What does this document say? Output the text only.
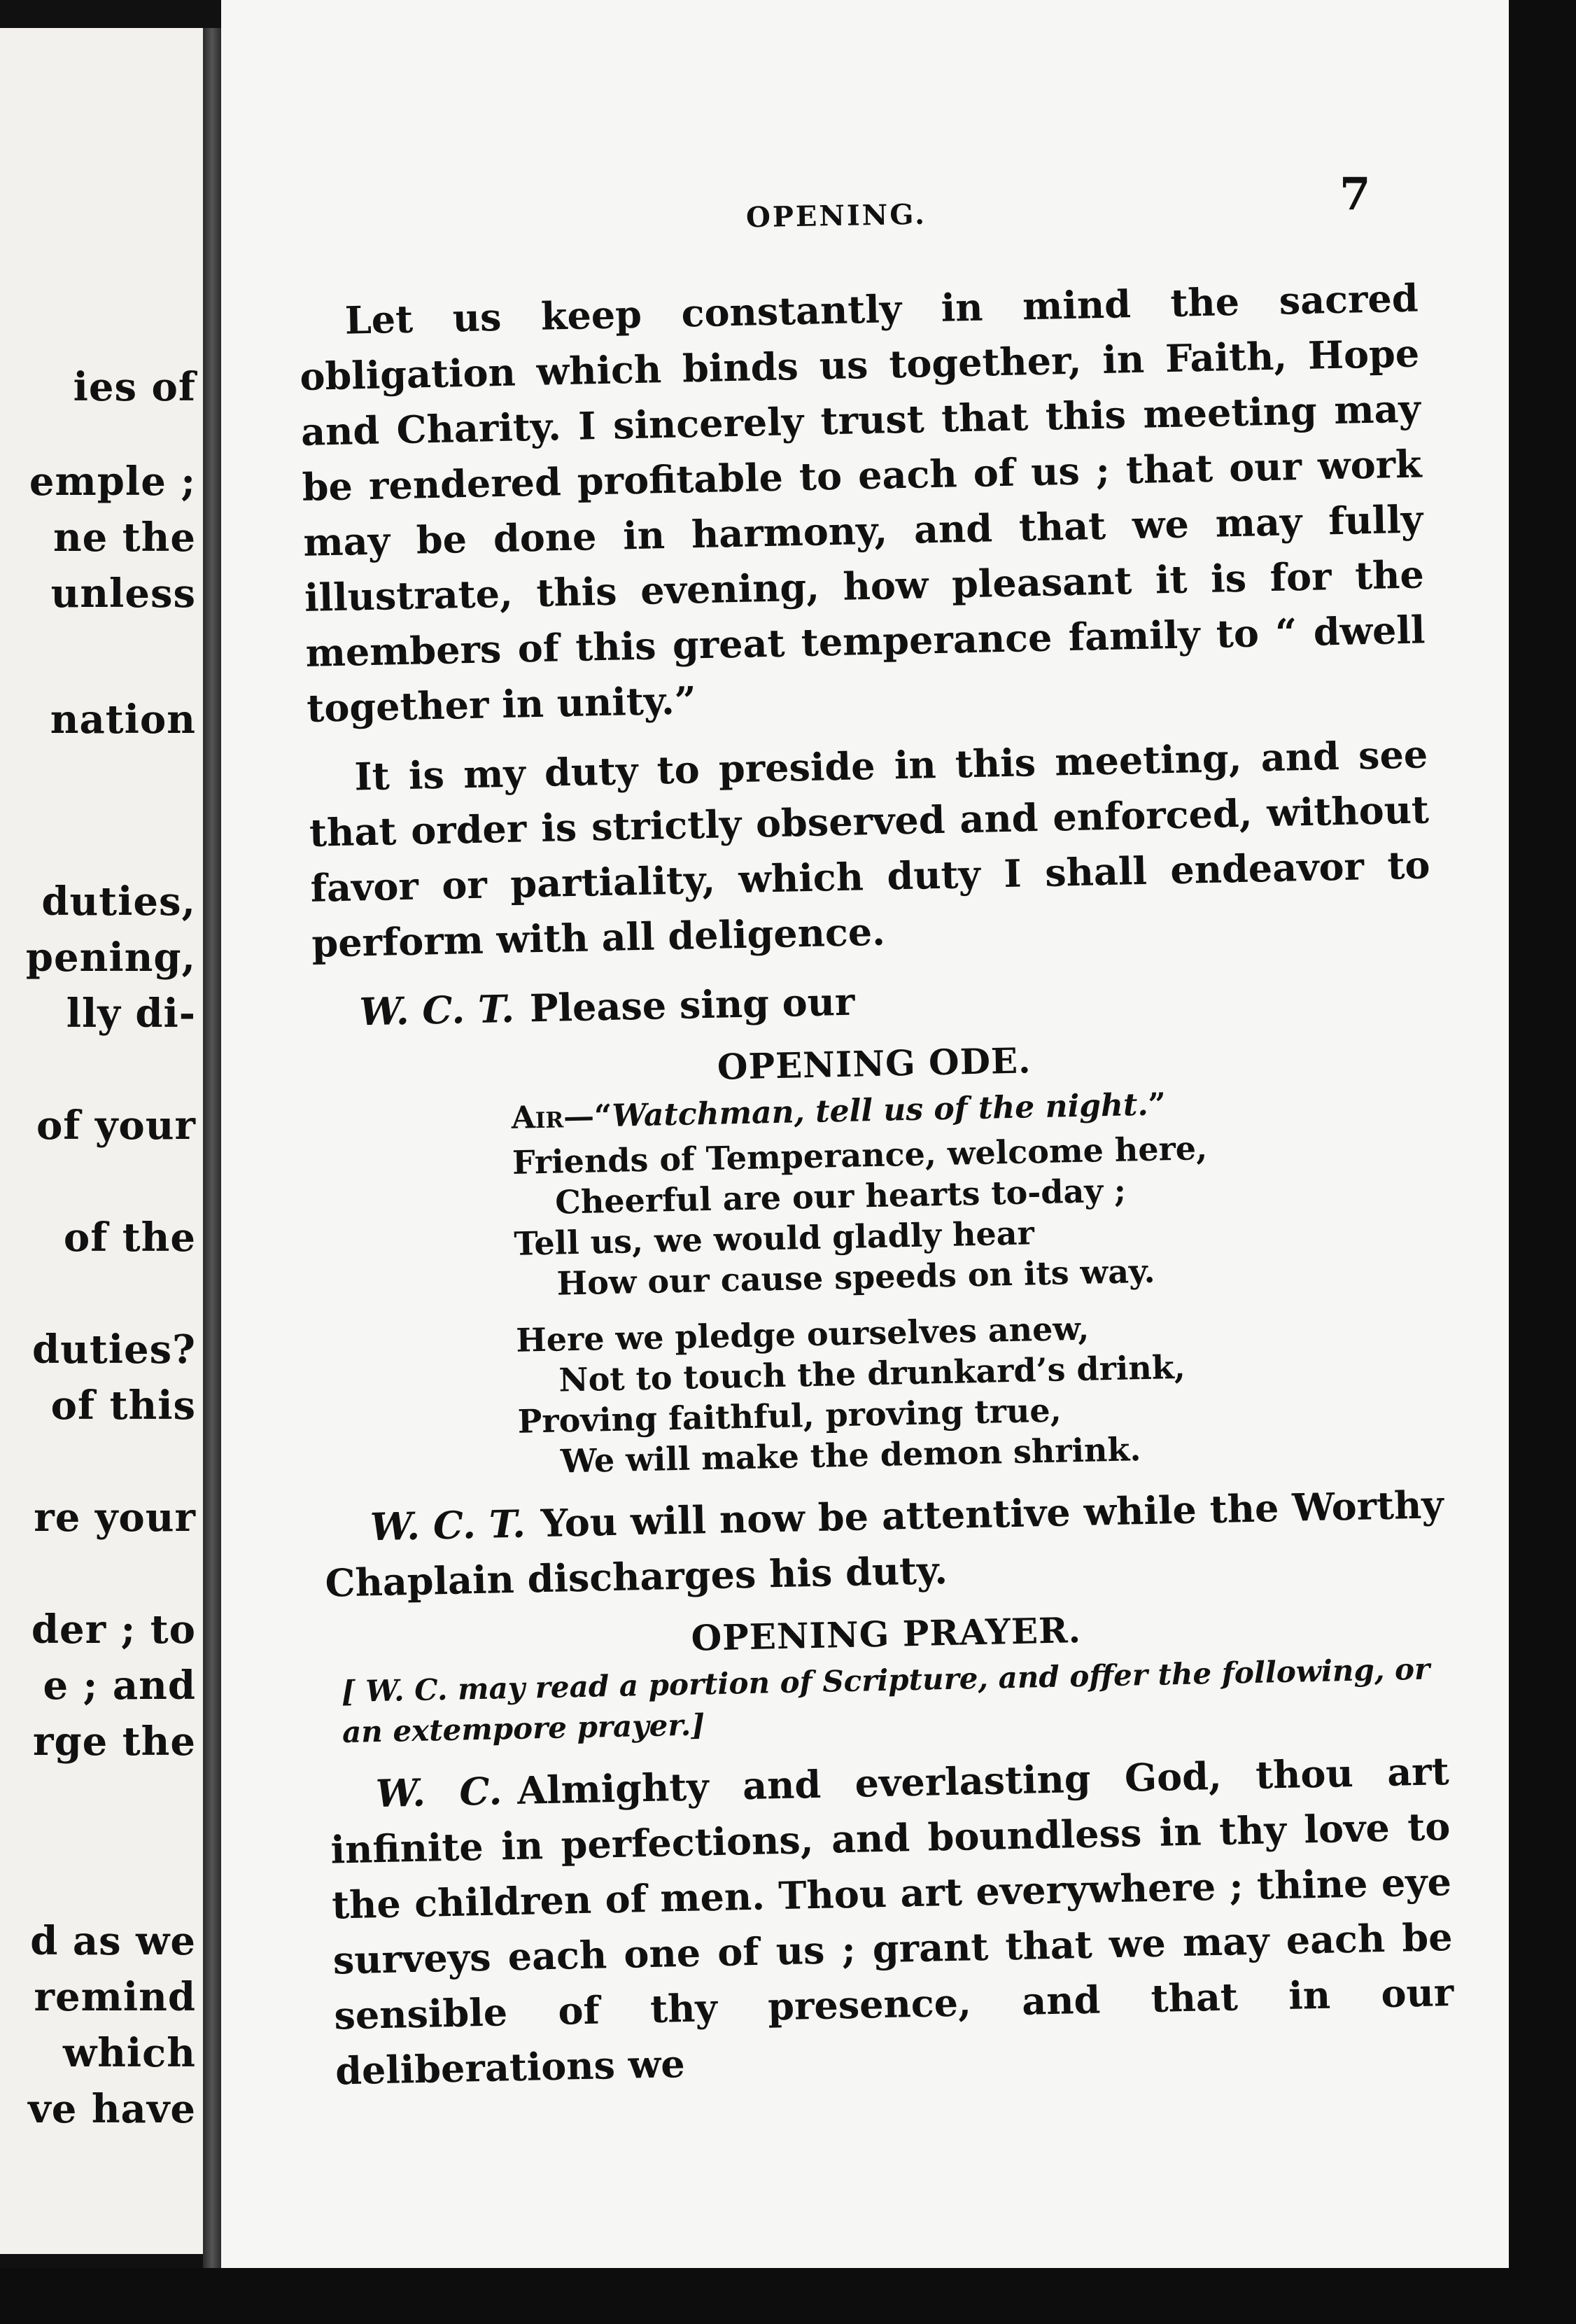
ies of
emple ;
ne the
unless
nation
duties,
pening,
lly di-
of your
of the
duties?
of this
re your
der ; to
e ; and
rge the
d as we
remind
which
ve have
OPENING.	7

Let us keep constantly in mind the sacred obligation which binds us together, in Faith, Hope and Charity. I sincerely trust that this meeting may be rendered profitable to each of us ; that our work may be done in harmony, and that we may fully illustrate, this evening, how pleasant it is for the members of this great temperance family to “ dwell together in unity.”

It is my duty to preside in this meeting, and see that order is strictly observed and enforced, without favor or partiality, which duty I shall endeavor to perform with all deligence.

W. C. T. Please sing our

OPENING ODE.
Air—“Watchman, tell us of the night.”
Friends of Temperance, welcome here,
Cheerful are our hearts to-day ;
Tell us, we would gladly hear
How our cause speeds on its way.
Here we pledge ourselves anew,
Not to touch the drunkard’s drink,
Proving faithful, proving true,
We will make the demon shrink.

W. C. T. You will now be attentive while the Worthy Chaplain discharges his duty.

OPENING PRAYER.
[ W. C. may read a portion of Scripture, and offer the following, or an extempore prayer.]

W. C. Almighty and everlasting God, thou art infinite in perfections, and boundless in thy love to the children of men. Thou art everywhere ; thine eye surveys each one of us ; grant that we may each be sensible of thy presence, and that in our deliberations we
